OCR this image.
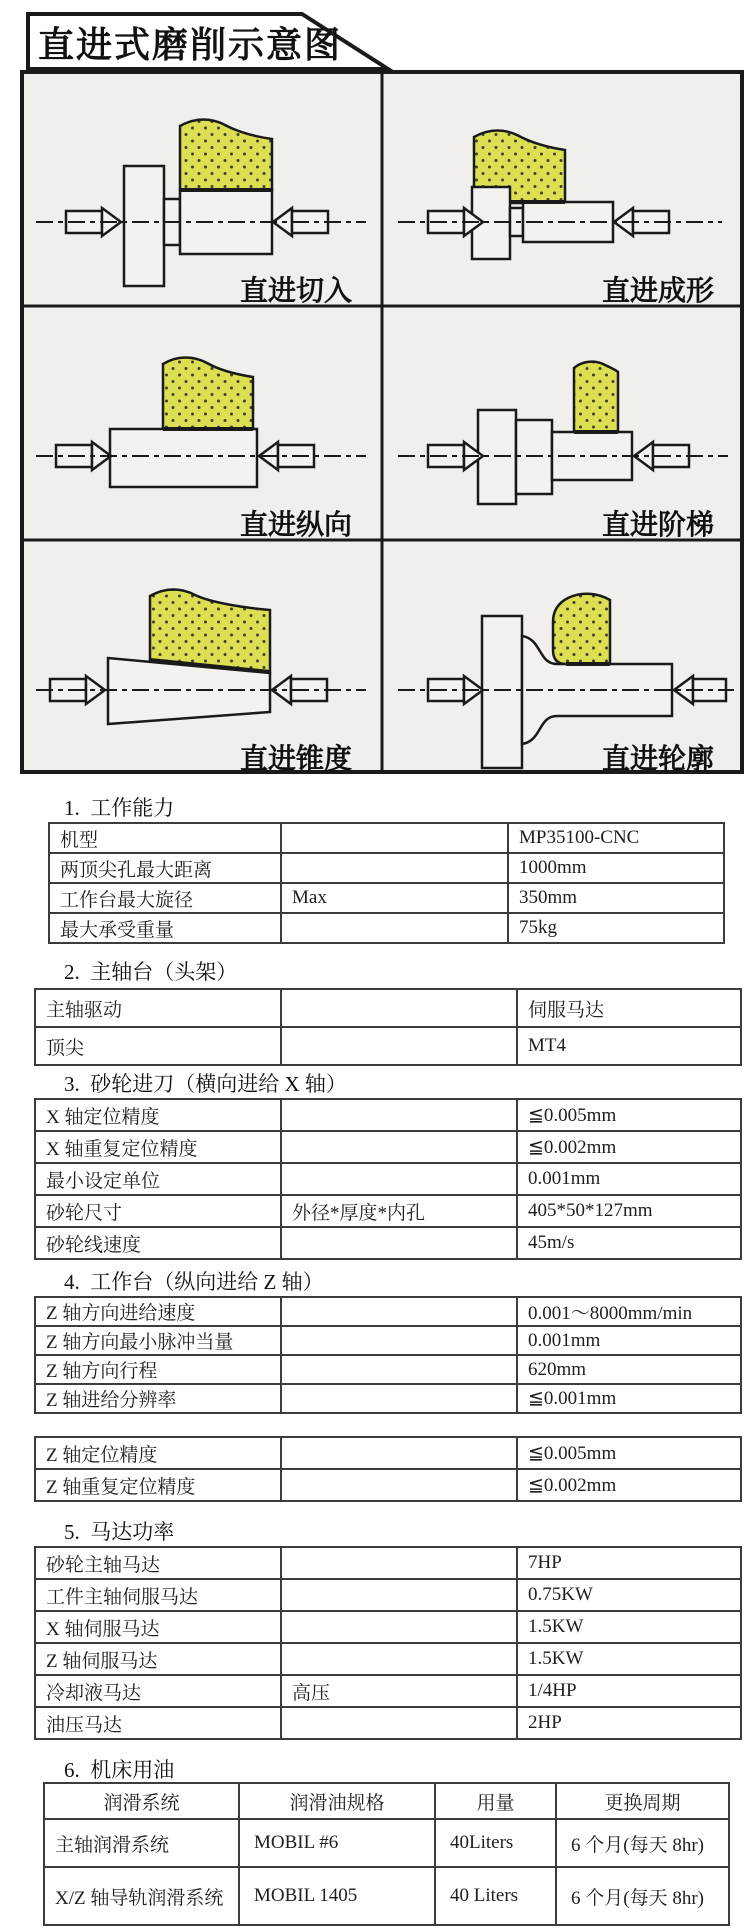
直进式磨削示意图
直进切入	直进成形
直进纵向	直进阶梯
直进锥度	直进轮廓
1.  工作能力
2.  主轴台（头架）
3.  砂轮进刀（横向进给 X 轴）
4.  工作台（纵向进给 Z 轴）
5.  马达功率
6.  机床用油
机型		MP35100-CNC
两顶尖孔最大距离		1000mm
工作台最大旋径	Max	350mm
最大承受重量		75kg
主轴驱动		伺服马达
顶尖		MT4
X 轴定位精度		≦0.005mm
X 轴重复定位精度		≦0.002mm
最小设定单位		0.001mm
砂轮尺寸	外径*厚度*内孔	405*50*127mm
砂轮线速度		45m/s
Z 轴方向进给速度		0.001～8000mm/min
Z 轴方向最小脉冲当量		0.001mm
Z 轴方向行程		620mm
Z 轴进给分辨率		≦0.001mm
Z 轴定位精度		≦0.005mm
Z 轴重复定位精度		≦0.002mm
砂轮主轴马达		7HP
工件主轴伺服马达		0.75KW
X 轴伺服马达		1.5KW
Z 轴伺服马达		1.5KW
冷却液马达	高压	1/4HP
油压马达		2HP
润滑系统	润滑油规格	用量	更换周期
主轴润滑系统	MOBIL #6	40Liters	6 个月(每天 8hr)
X/Z 轴导轨润滑系统	MOBIL 1405	40 Liters	6 个月(每天 8hr)
